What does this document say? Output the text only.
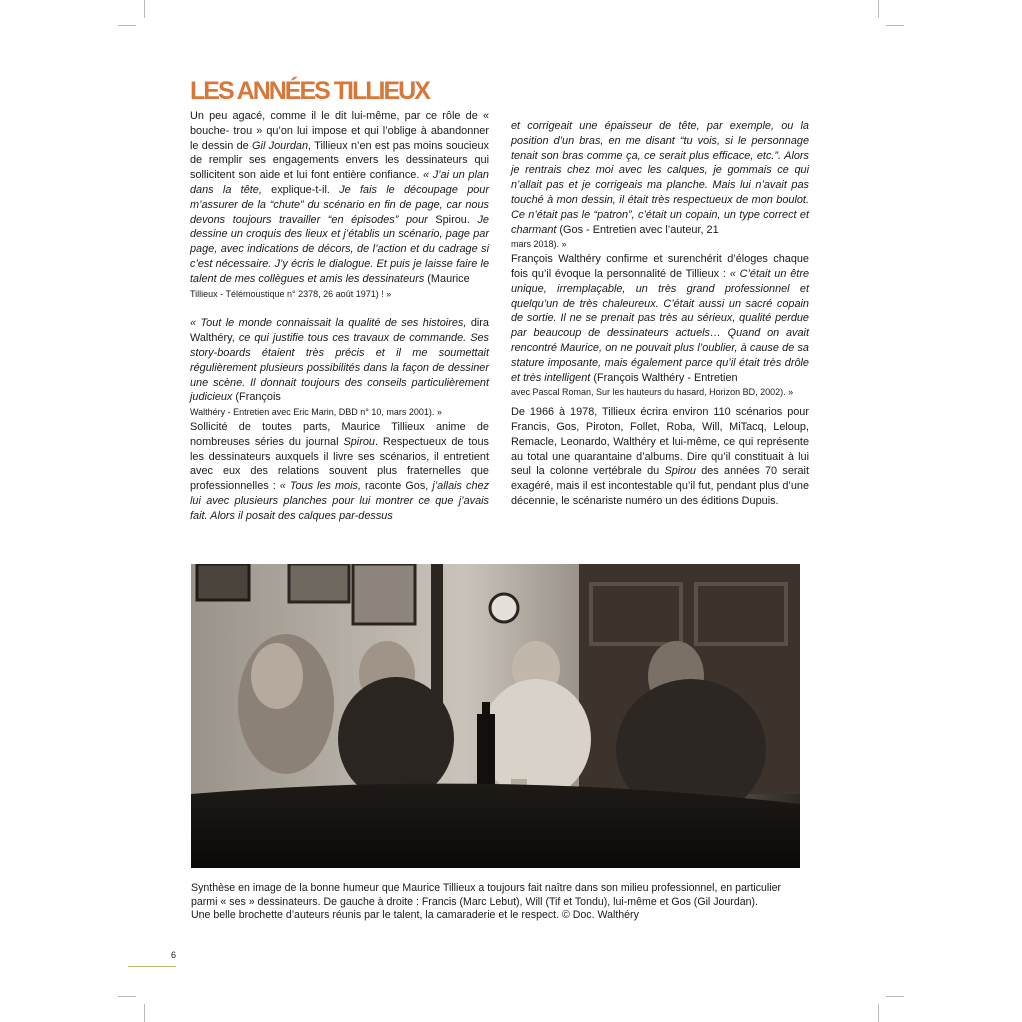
LES ANNÉES TILLIEUX

Un peu agacé, comme il le dit lui-même, par ce rôle de « bouche- trou » qu’on lui impose et qui l’oblige à abandonner le dessin de Gil Jourdan, Tillieux n’en est pas moins soucieux de remplir ses engagements envers les dessinateurs qui sollicitent son aide et lui font entière confiance. « J’ai un plan dans la tête, explique-t-il. Je fais le découpage pour m’assurer de la “chute” du scénario en fin de page, car nous devons toujours travailler “en épisodes” pour Spirou. Je dessine un croquis des lieux et j’établis un scénario, page par page, avec indications de décors, de l’action et du cadrage si c’est nécessaire. J’y écris le dialogue. Et puis je laisse faire le talent de mes collègues et amis les dessinateurs (Maurice

Tillieux - Télémoustique n° 2378, 26 août 1971) ! »

« Tout le monde connaissait la qualité de ses histoires, dira Walthéry, ce qui justifie tous ces travaux de commande. Ses story-boards étaient très précis et il me soumettait régulièrement plusieurs possibilités dans la façon de dessiner une scène. Il donnait toujours des conseils particulièrement judicieux (François

Walthéry - Entretien avec Eric Marin, DBD n° 10, mars 2001). »

Sollicité de toutes parts, Maurice Tillieux anime de nombreuses séries du journal Spirou. Respectueux de tous les dessinateurs auxquels il livre ses scénarios, il entretient avec eux des relations souvent plus fraternelles que professionnelles : « Tous les mois, raconte Gos, j’allais chez lui avec plusieurs planches pour lui montrer ce que j’avais fait. Alors il posait des calques par-dessus

et corrigeait une épaisseur de tête, par exemple, ou la position d’un bras, en me disant “tu vois, si le personnage tenait son bras comme ça, ce serait plus efficace, etc.”. Alors je rentrais chez moi avec les calques, je gommais ce qui n’allait pas et je corrigeais ma planche. Mais lui n’avait pas touché à mon dessin, il était très respectueux de mon boulot. Ce n’était pas le “patron”, c’était un copain, un type correct et charmant (Gos - Entretien avec l’auteur, 21

mars 2018). »

François Walthéry confirme et surenchérit d’éloges chaque fois qu’il évoque la personnalité de Tillieux : « C’était un être unique, irremplaçable, un très grand professionnel et quelqu’un de très chaleureux. C’était aussi un sacré copain de sortie. Il ne se prenait pas très au sérieux, qualité perdue par beaucoup de dessinateurs actuels… Quand on avait rencontré Maurice, on ne pouvait plus l’oublier, à cause de sa stature imposante, mais également parce qu’il était très drôle et très intelligent (François Walthéry - Entretien

avec Pascal Roman, Sur les hauteurs du hasard, Horizon BD, 2002). »

De 1966 à 1978, Tillieux écrira environ 110 scénarios pour Francis, Gos, Piroton, Follet, Roba, Will, MiTacq, Leloup, Remacle, Leonardo, Walthéry et lui-même, ce qui représente au total une quarantaine d’albums. Dire qu’il constituait à lui seul la colonne vertébrale du Spirou des années 70 serait exagéré, mais il est incontestable qu’il fut, pendant plus d’une décennie, le scénariste numéro un des éditions Dupuis.

Synthèse en image de la bonne humeur que Maurice Tillieux a toujours fait naître dans son milieu professionnel, en particulier

parmi « ses » dessinateurs. De gauche à droite : Francis (Marc Lebut), Will (Tif et Tondu), lui-même et Gos (Gil Jourdan).

Une belle brochette d’auteurs réunis par le talent, la camaraderie et le respect. © Doc. Walthéry

6
